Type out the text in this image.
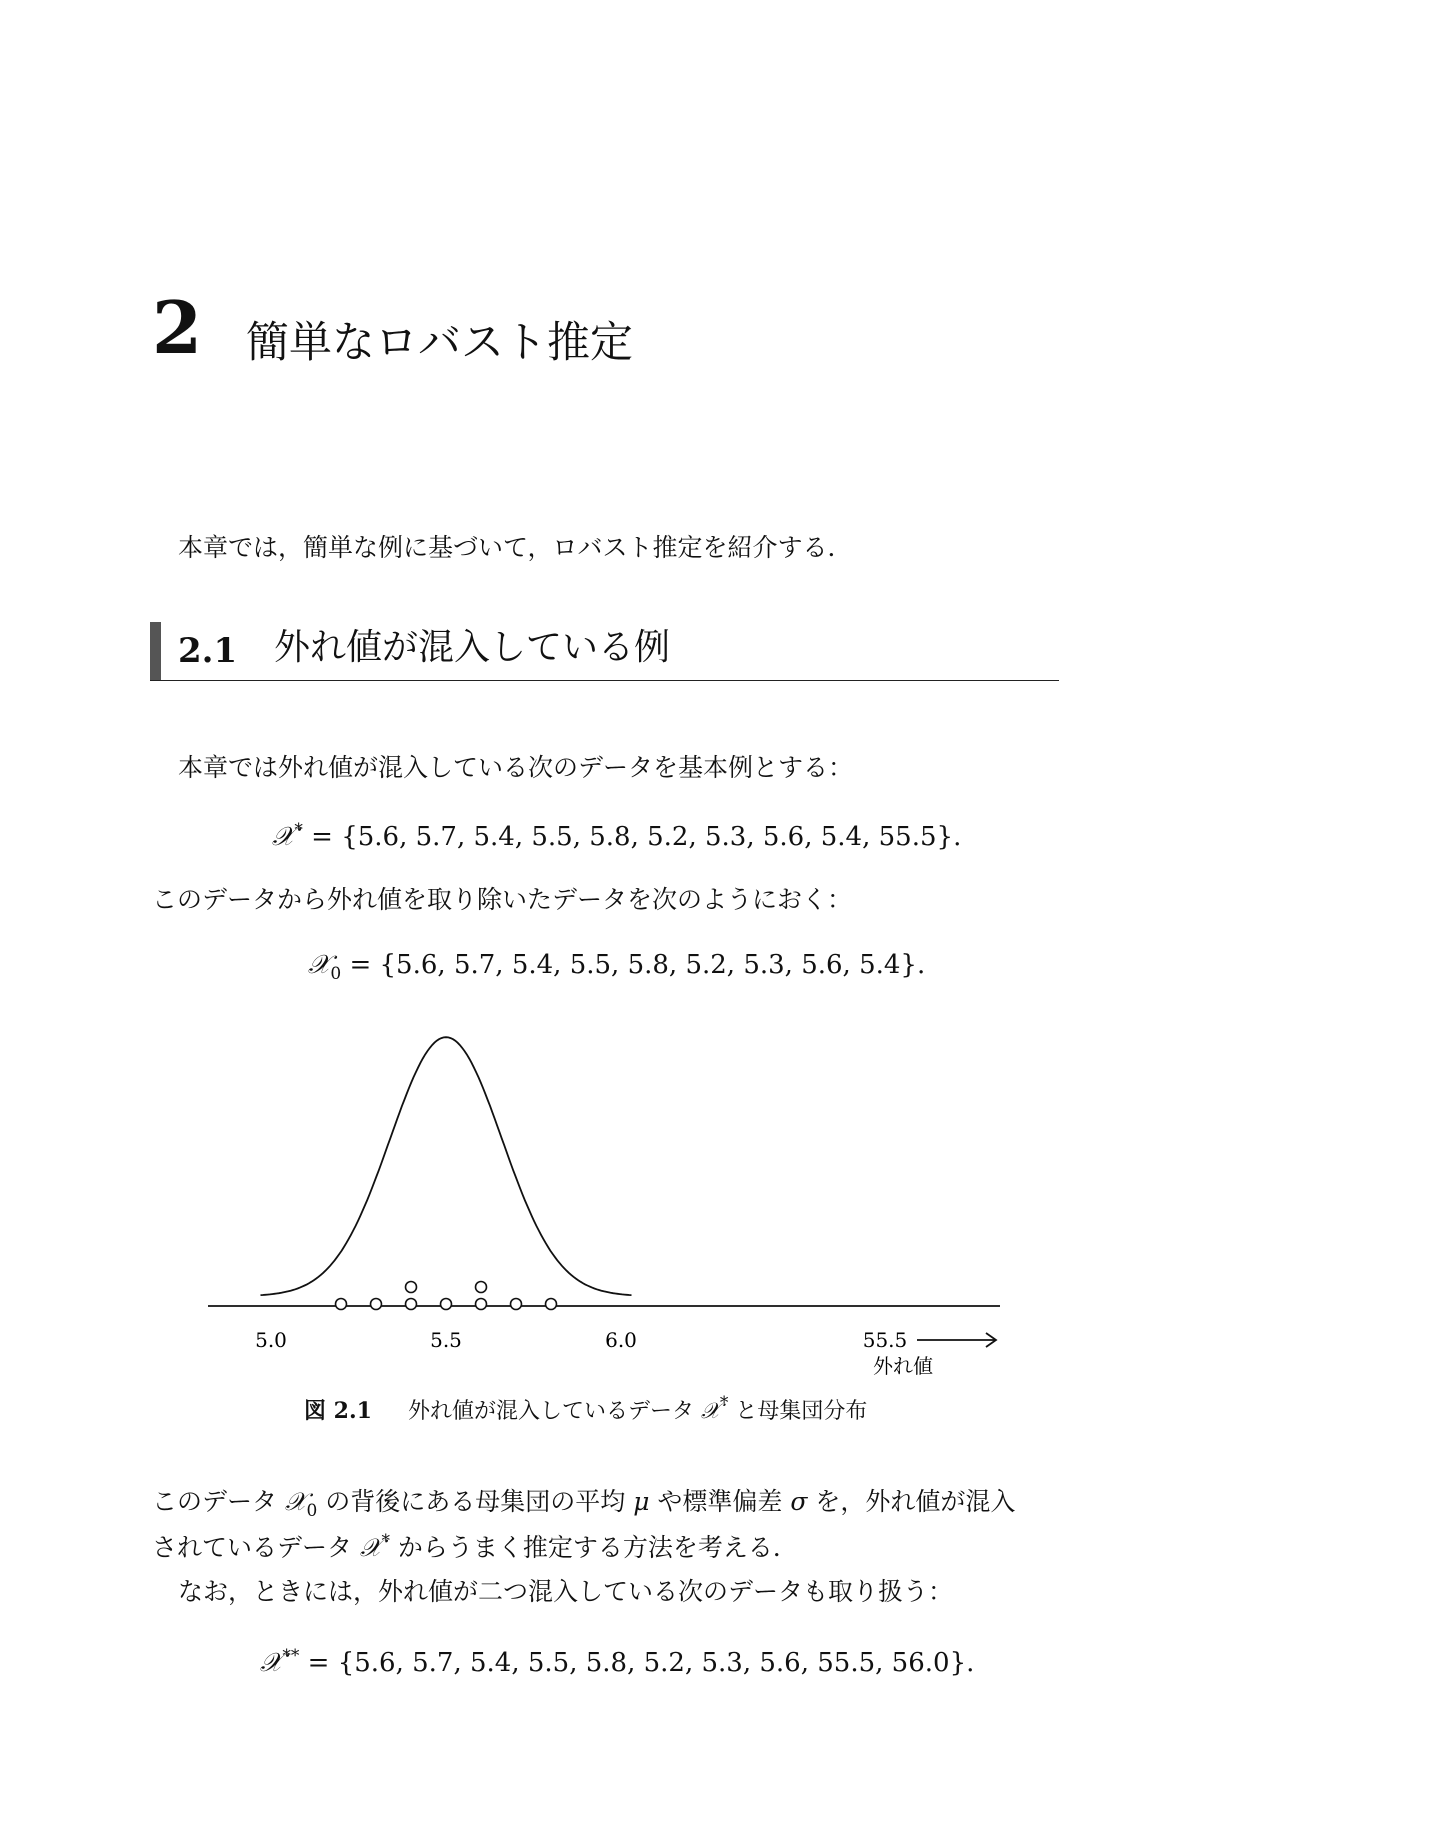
2 簡単なロバスト推定
本章では，簡単な例に基づいて，ロバスト推定を紹介する．
2.1 外れ値が混入している例
本章では外れ値が混入している次のデータを基本例とする：
𝒳* = {5.6, 5.7, 5.4, 5.5, 5.8, 5.2, 5.3, 5.6, 5.4, 55.5}.
このデータから外れ値を取り除いたデータを次のようにおく：
𝒳$_0$ = {5.6, 5.7, 5.4, 5.5, 5.8, 5.2, 5.3, 5.6, 5.4}.
5.0	5.5	6.0	55.5
外れ値
図 2.1 外れ値が混入しているデータ 𝒳* と母集団分布
このデータ 𝒳$_0$ の背後にある母集団の平均 μ や標準偏差 σ を，外れ値が混入
されているデータ 𝒳* からうまく推定する方法を考える．
なお，ときには，外れ値が二つ混入している次のデータも取り扱う：
𝒳** = {5.6, 5.7, 5.4, 5.5, 5.8, 5.2, 5.3, 5.6, 55.5, 56.0}.
